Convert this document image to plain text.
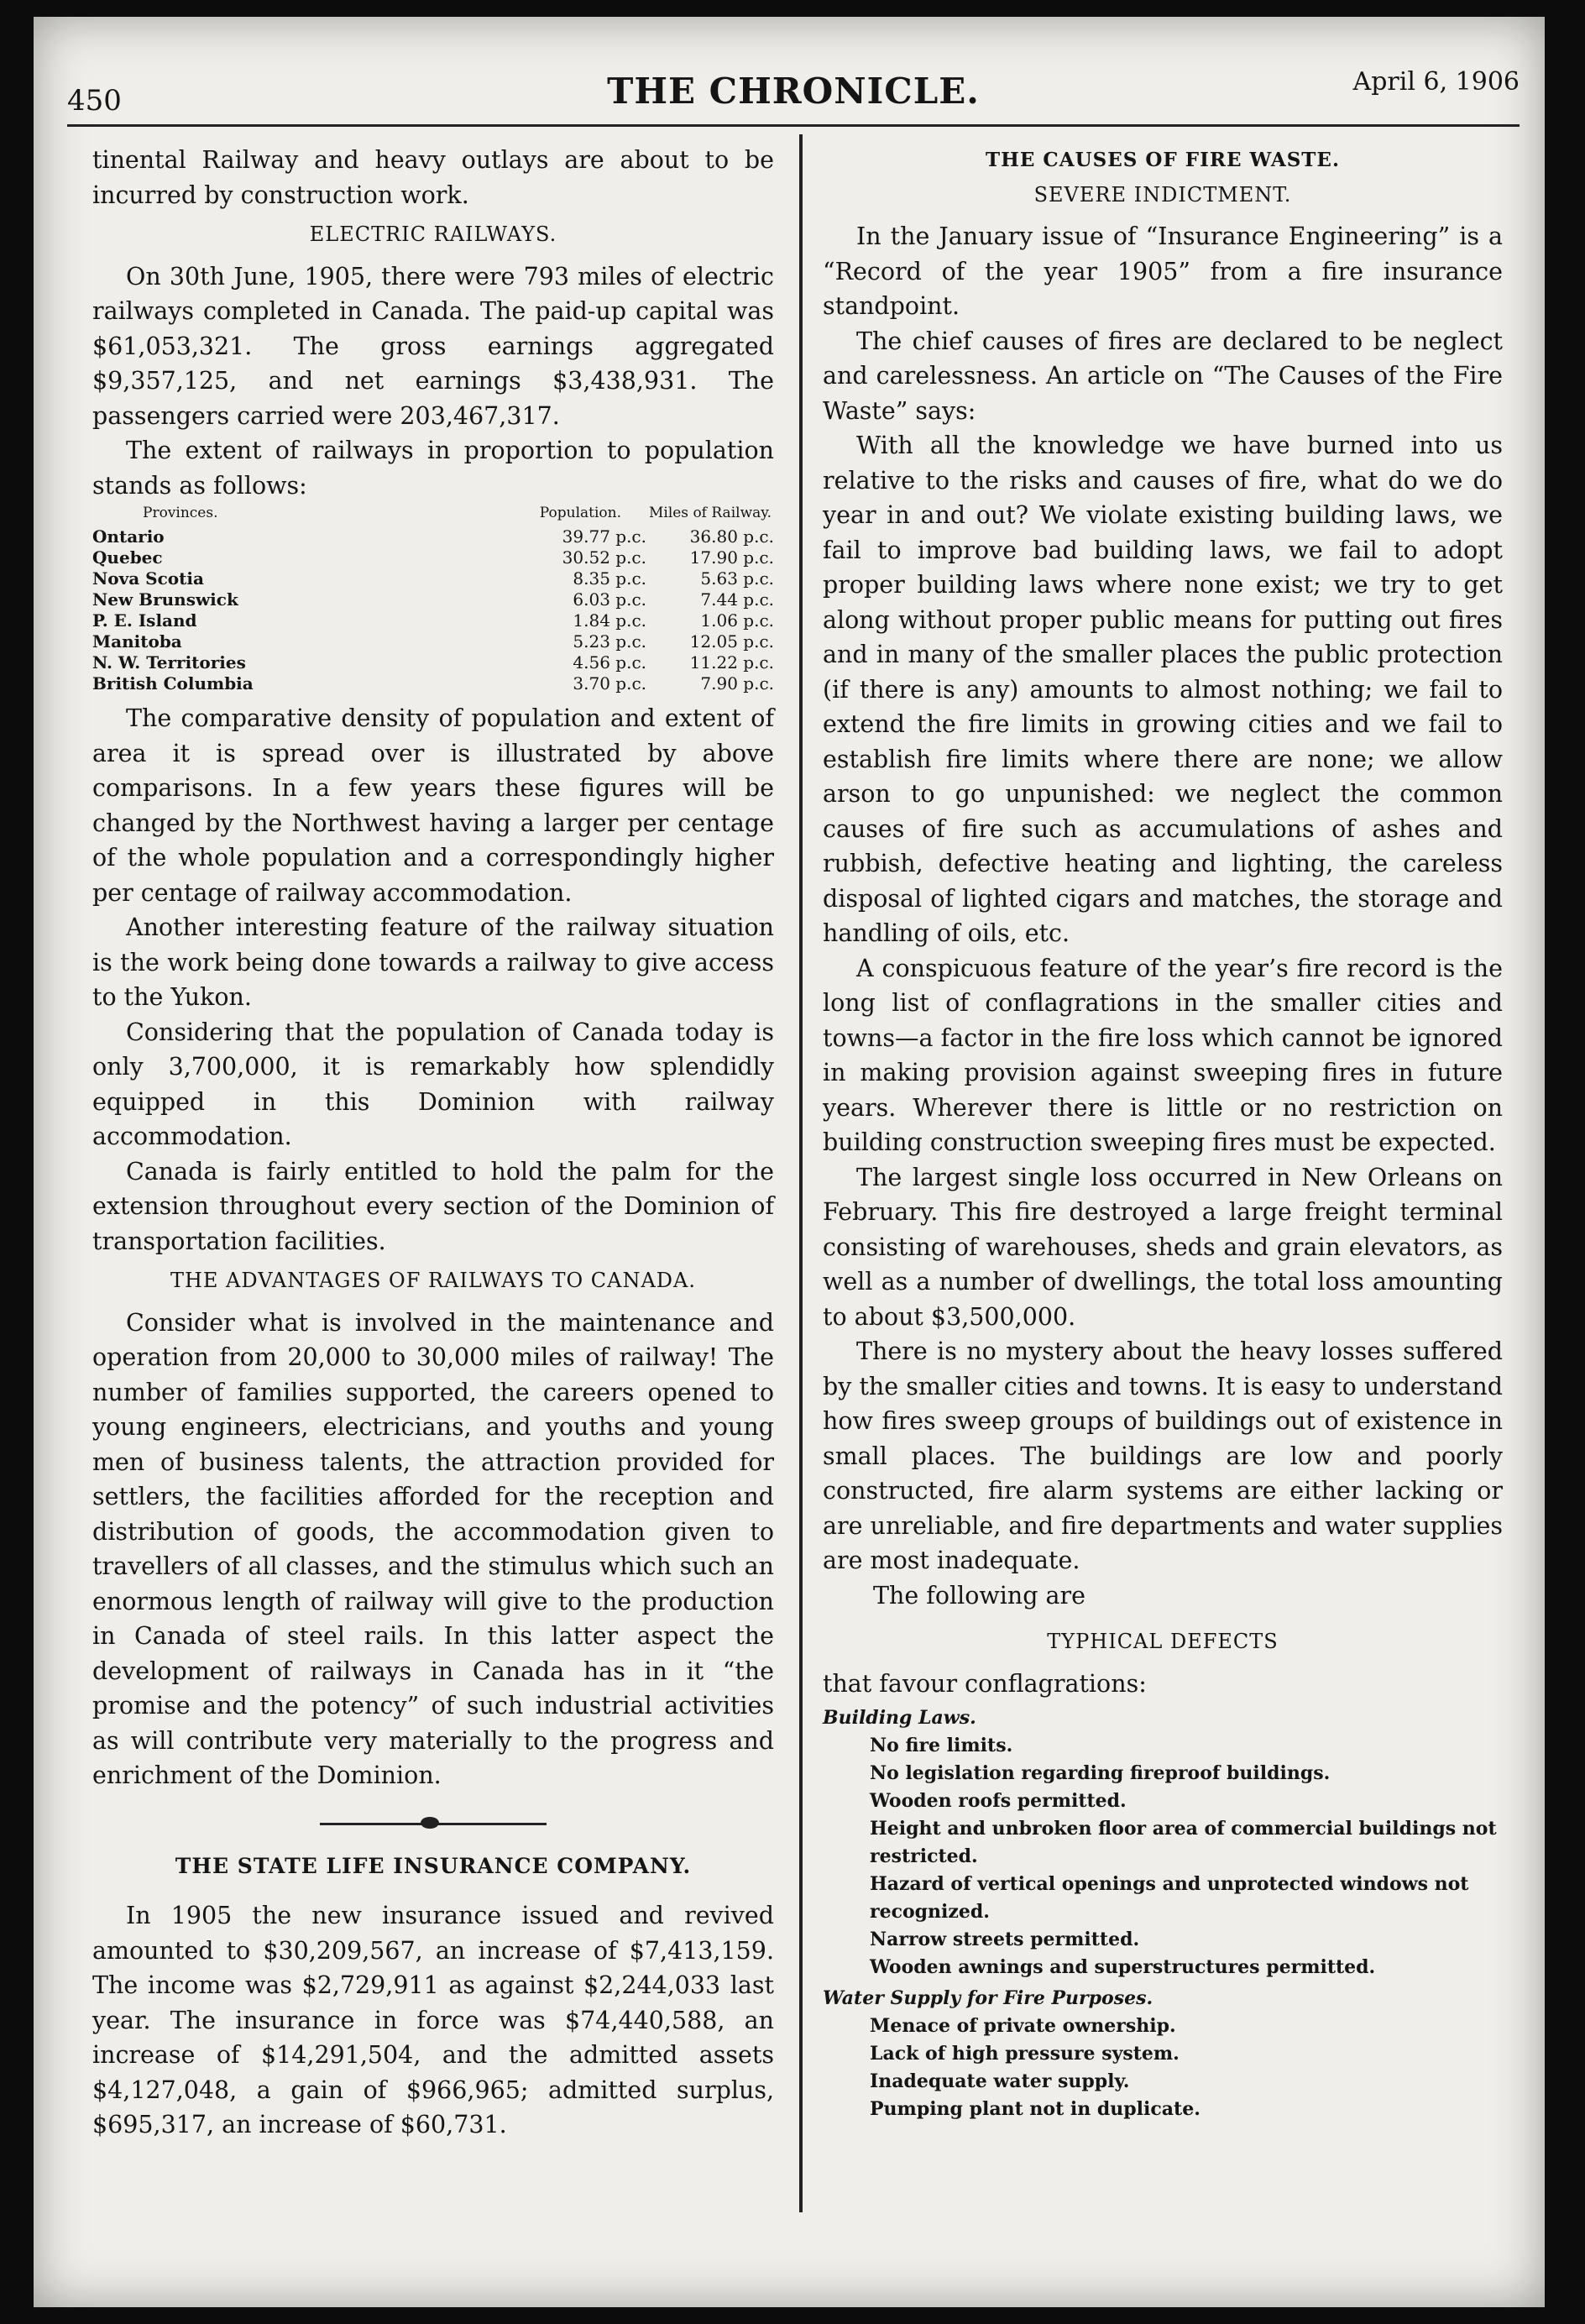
450	THE CHRONICLE.	April 6, 1906

tinental Railway and heavy outlays are about to be incurred by construction work.

ELECTRIC RAILWAYS.

On 30th June, 1905, there were 793 miles of electric railways completed in Canada. The paid-up capital was $61,053,321. The gross earnings aggregated $9,357,125, and net earnings $3,438,931. The passengers carried were 203,467,317.

The extent of railways in proportion to population stands as follows:

Provinces.	Population.	Miles of Railway.
Ontario	39.77 p.c.	36.80 p.c.
Quebec	30.52 p.c.	17.90 p.c.
Nova Scotia	8.35 p.c.	5.63 p.c.
New Brunswick	6.03 p.c.	7.44 p.c.
P. E. Island	1.84 p.c.	1.06 p.c.
Manitoba	5.23 p.c.	12.05 p.c.
N. W. Territories	4.56 p.c.	11.22 p.c.
British Columbia	3.70 p.c.	7.90 p.c.

The comparative density of population and extent of area it is spread over is illustrated by above comparisons. In a few years these figures will be changed by the Northwest having a larger per centage of the whole population and a correspondingly higher per centage of railway accommodation.

Another interesting feature of the railway situation is the work being done towards a railway to give access to the Yukon.

Considering that the population of Canada today is only 3,700,000, it is remarkably how splendidly equipped in this Dominion with railway accommodation.

Canada is fairly entitled to hold the palm for the extension throughout every section of the Dominion of transportation facilities.

THE ADVANTAGES OF RAILWAYS TO CANADA.

Consider what is involved in the maintenance and operation from 20,000 to 30,000 miles of railway! The number of families supported, the careers opened to young engineers, electricians, and youths and young men of business talents, the attraction provided for settlers, the facilities afforded for the reception and distribution of goods, the accommodation given to travellers of all classes, and the stimulus which such an enormous length of railway will give to the production in Canada of steel rails. In this latter aspect the development of railways in Canada has in it “the promise and the potency” of such industrial activities as will contribute very materially to the progress and enrichment of the Dominion.

THE STATE LIFE INSURANCE COMPANY.

In 1905 the new insurance issued and revived amounted to $30,209,567, an increase of $7,413,159. The income was $2,729,911 as against $2,244,033 last year. The insurance in force was $74,440,588, an increase of $14,291,504, and the admitted assets $4,127,048, a gain of $966,965; admitted surplus, $695,317, an increase of $60,731.

THE CAUSES OF FIRE WASTE.
SEVERE INDICTMENT.

In the January issue of “Insurance Engineering” is a “Record of the year 1905” from a fire insurance standpoint.

The chief causes of fires are declared to be neglect and carelessness. An article on “The Causes of the Fire Waste” says:

With all the knowledge we have burned into us relative to the risks and causes of fire, what do we do year in and out? We violate existing building laws, we fail to improve bad building laws, we fail to adopt proper building laws where none exist; we try to get along without proper public means for putting out fires and in many of the smaller places the public protection (if there is any) amounts to almost nothing; we fail to extend the fire limits in growing cities and we fail to establish fire limits where there are none; we allow arson to go unpunished: we neglect the common causes of fire such as accumulations of ashes and rubbish, defective heating and lighting, the careless disposal of lighted cigars and matches, the storage and handling of oils, etc.

A conspicuous feature of the year’s fire record is the long list of conflagrations in the smaller cities and towns—a factor in the fire loss which cannot be ignored in making provision against sweeping fires in future years. Wherever there is little or no restriction on building construction sweeping fires must be expected.

The largest single loss occurred in New Orleans on February. This fire destroyed a large freight terminal consisting of warehouses, sheds and grain elevators, as well as a number of dwellings, the total loss amounting to about $3,500,000.

There is no mystery about the heavy losses suffered by the smaller cities and towns. It is easy to understand how fires sweep groups of buildings out of existence in small places. The buildings are low and poorly constructed, fire alarm systems are either lacking or are unreliable, and fire departments and water supplies are most inadequate.

The following are

TYPHICAL DEFECTS

that favour conflagrations:

Building Laws.
No fire limits.
No legislation regarding fireproof buildings.
Wooden roofs permitted.
Height and unbroken floor area of commercial buildings not restricted.
Hazard of vertical openings and unprotected windows not recognized.
Narrow streets permitted.
Wooden awnings and superstructures permitted.
Water Supply for Fire Purposes.
Menace of private ownership.
Lack of high pressure system.
Inadequate water supply.
Pumping plant not in duplicate.
